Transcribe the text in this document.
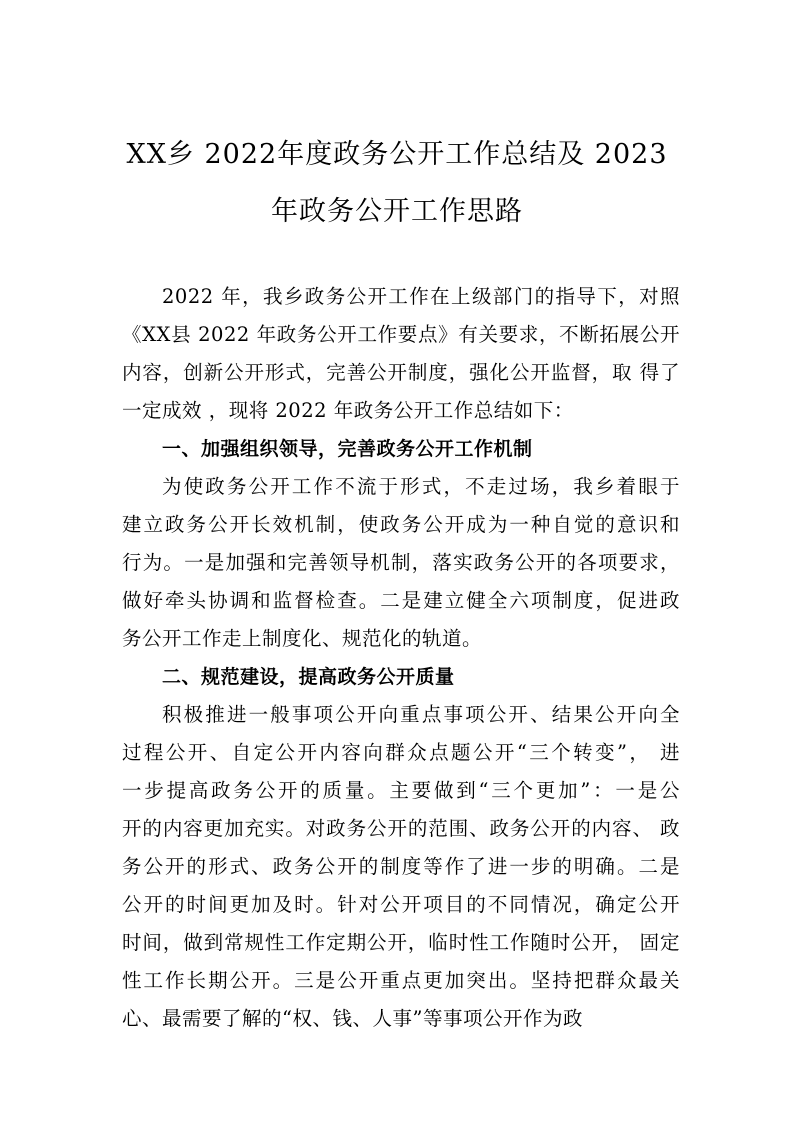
XX乡 2022年度政务公开工作总结及 2023
年政务公开工作思路
2022 年，我乡政务公开工作在上级部门的指导下，对照
《XX县 2022 年政务公开工作要点》有关要求，不断拓展公开
内容，创新公开形式，完善公开制度，强化公开监督，取 得了
一定成效 ，现将 2022 年政务公开工作总结如下：
一、加强组织领导，完善政务公开工作机制
为使政务公开工作不流于形式，不走过场，我乡着眼于
建立政务公开长效机制，使政务公开成为一种自觉的意识和
行为。一是加强和完善领导机制，落实政务公开的各项要求，
做好牵头协调和监督检查。二是建立健全六项制度，促进政
务公开工作走上制度化、规范化的轨道。
二、规范建设，提高政务公开质量
积极推进一般事项公开向重点事项公开、结果公开向全
过程公开、自定公开内容向群众点题公开“三个转变”， 进
一步提高政务公开的质量。主要做到“三个更加”：一是公
开的内容更加充实。对政务公开的范围、政务公开的内容、 政
务公开的形式、政务公开的制度等作了进一步的明确。二是
公开的时间更加及时。针对公开项目的不同情况，确定公开
时间，做到常规性工作定期公开，临时性工作随时公开， 固定
性工作长期公开。三是公开重点更加突出。坚持把群众最关
心、最需要了解的“权、钱、人事”等事项公开作为政
